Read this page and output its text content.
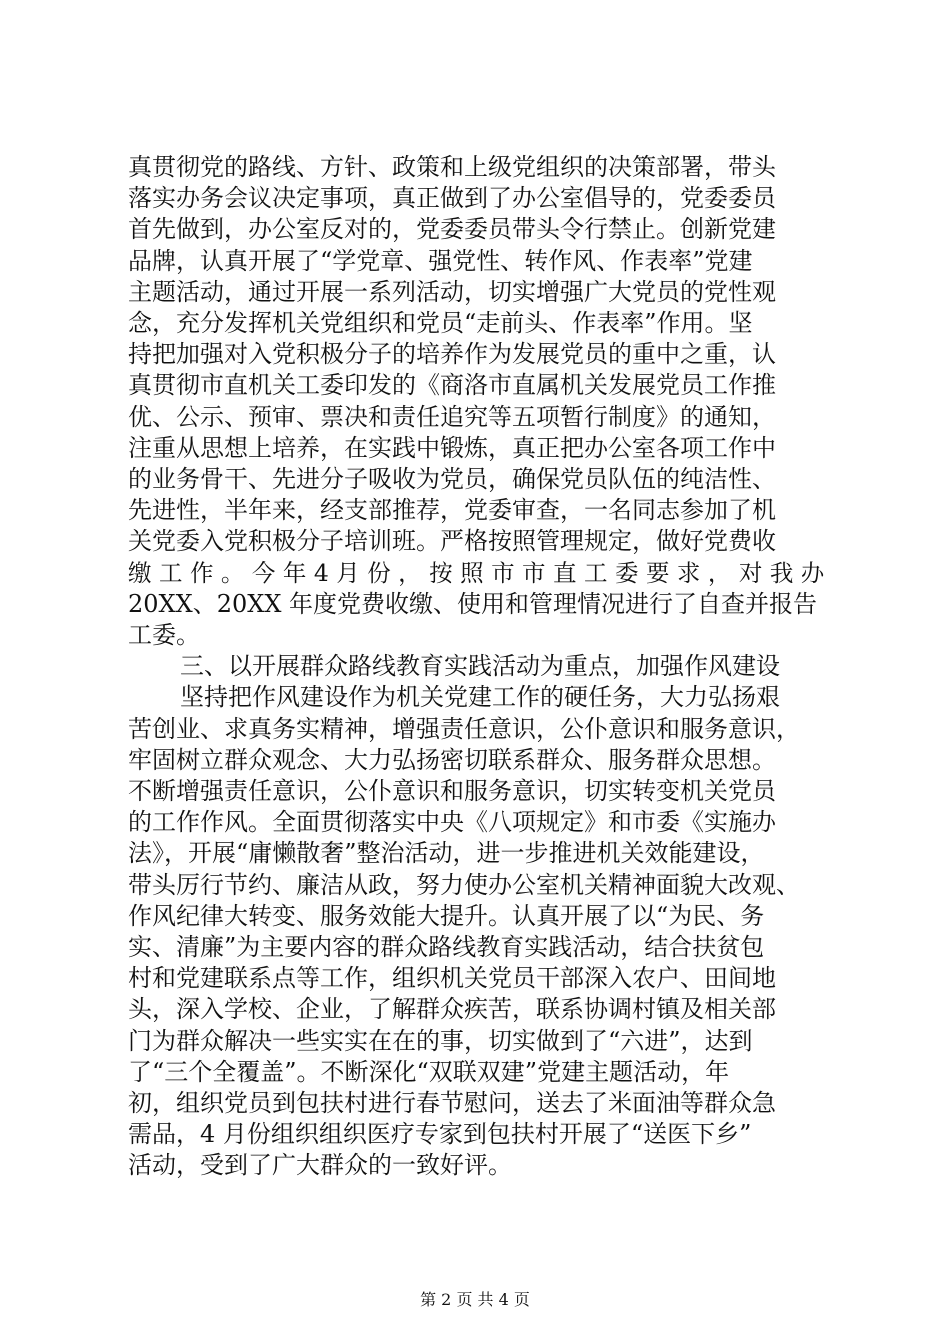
真贯彻党的路线、方针、政策和上级党组织的决策部署，带头
落实办务会议决定事项，真正做到了办公室倡导的，党委委员
首先做到，办公室反对的，党委委员带头令行禁止。创新党建
品牌，认真开展了“学党章、强党性、转作风、作表率”党建
主题活动，通过开展一系列活动，切实增强广大党员的党性观
念，充分发挥机关党组织和党员“走前头、作表率”作用。坚
持把加强对入党积极分子的培养作为发展党员的重中之重，认
真贯彻市直机关工委印发的《商洛市直属机关发展党员工作推
优、公示、预审、票决和责任追究等五项暂行制度》的通知，
注重从思想上培养，在实践中锻炼，真正把办公室各项工作中
的业务骨干、先进分子吸收为党员，确保党员队伍的纯洁性、
先进性，半年来，经支部推荐，党委审查，一名同志参加了机
关党委入党积极分子培训班。严格按照管理规定，做好党费收
缴 工 作 。 今 年 4 月 份 ， 按 照 市 市 直 工 委 要 求 ， 对 我 办
20XX、20XX 年度党费收缴、使用和管理情况进行了自查并报告
工委。
三、以开展群众路线教育实践活动为重点，加强作风建设
坚持把作风建设作为机关党建工作的硬任务，大力弘扬艰
苦创业、求真务实精神，增强责任意识，公仆意识和服务意识，
牢固树立群众观念、大力弘扬密切联系群众、服务群众思想。
不断增强责任意识，公仆意识和服务意识，切实转变机关党员
的工作作风。全面贯彻落实中央《八项规定》和市委《实施办
法》，开展“庸懒散奢”整治活动，进一步推进机关效能建设，
带头厉行节约、廉洁从政，努力使办公室机关精神面貌大改观、
作风纪律大转变、服务效能大提升。认真开展了以“为民、务
实、清廉”为主要内容的群众路线教育实践活动，结合扶贫包
村和党建联系点等工作，组织机关党员干部深入农户、田间地
头，深入学校、企业，了解群众疾苦，联系协调村镇及相关部
门为群众解决一些实实在在的事，切实做到了“六进”，达到
了“三个全覆盖”。不断深化“双联双建”党建主题活动，年
初，组织党员到包扶村进行春节慰问，送去了米面油等群众急
需品，4 月份组织组织医疗专家到包扶村开展了“送医下乡”
活动，受到了广大群众的一致好评。
第 2 页 共 4 页
